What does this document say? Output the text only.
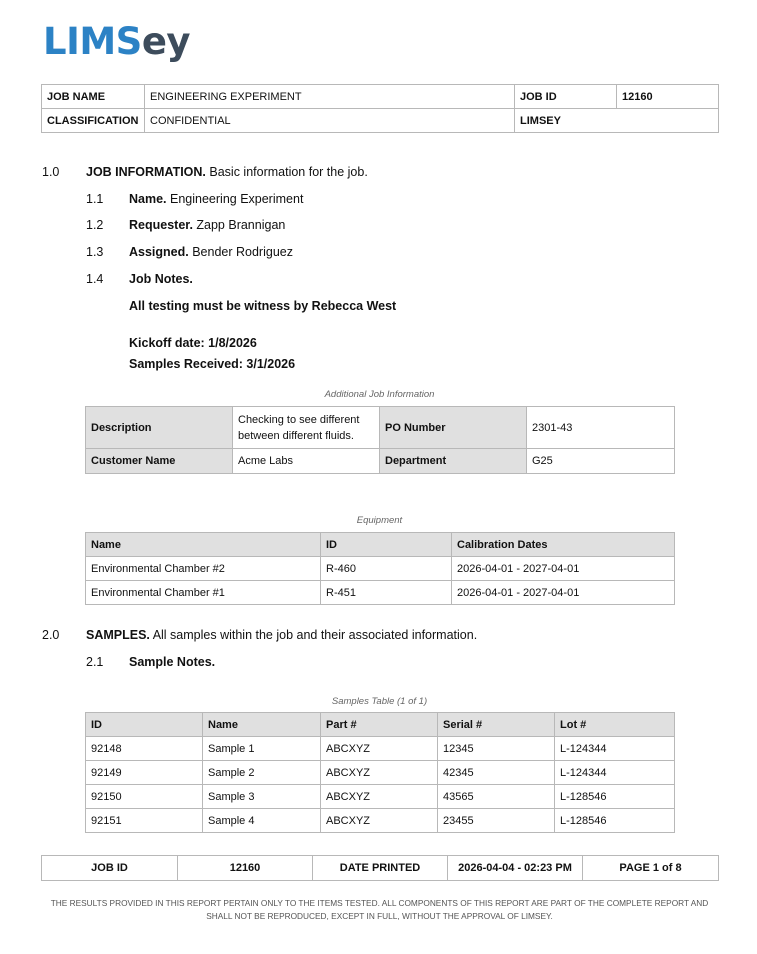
LIMSey
JOB NAME	ENGINEERING EXPERIMENT	JOB ID	12160
CLASSIFICATION	CONFIDENTIAL	LIMSEY	
1.0 JOB INFORMATION. Basic information for the job.
1.1 Name. Engineering Experiment
1.2 Requester. Zapp Brannigan
1.3 Assigned. Bender Rodriguez
1.4 Job Notes.
All testing must be witness by Rebecca West
Kickoff date: 1/8/2026
Samples Received: 3/1/2026
Additional Job Information
Description	Checking to see different between different fluids.	PO Number	2301-43
Customer Name	Acme Labs	Department	G25
Equipment
Name	ID	Calibration Dates
Environmental Chamber #2	R-460	2026-04-01 - 2027-04-01
Environmental Chamber #1	R-451	2026-04-01 - 2027-04-01
2.0 SAMPLES. All samples within the job and their associated information.
2.1 Sample Notes.
Samples Table (1 of 1)
ID	Name	Part #	Serial #	Lot #
92148	Sample 1	ABCXYZ	12345	L-124344
92149	Sample 2	ABCXYZ	42345	L-124344
92150	Sample 3	ABCXYZ	43565	L-128546
92151	Sample 4	ABCXYZ	23455	L-128546
JOB ID	12160	DATE PRINTED	2026-04-04 - 02:23 PM	PAGE 1 of 8
THE RESULTS PROVIDED IN THIS REPORT PERTAIN ONLY TO THE ITEMS TESTED. ALL COMPONENTS OF THIS REPORT ARE PART OF THE COMPLETE REPORT AND SHALL NOT BE REPRODUCED, EXCEPT IN FULL, WITHOUT THE APPROVAL OF LIMSEY.
